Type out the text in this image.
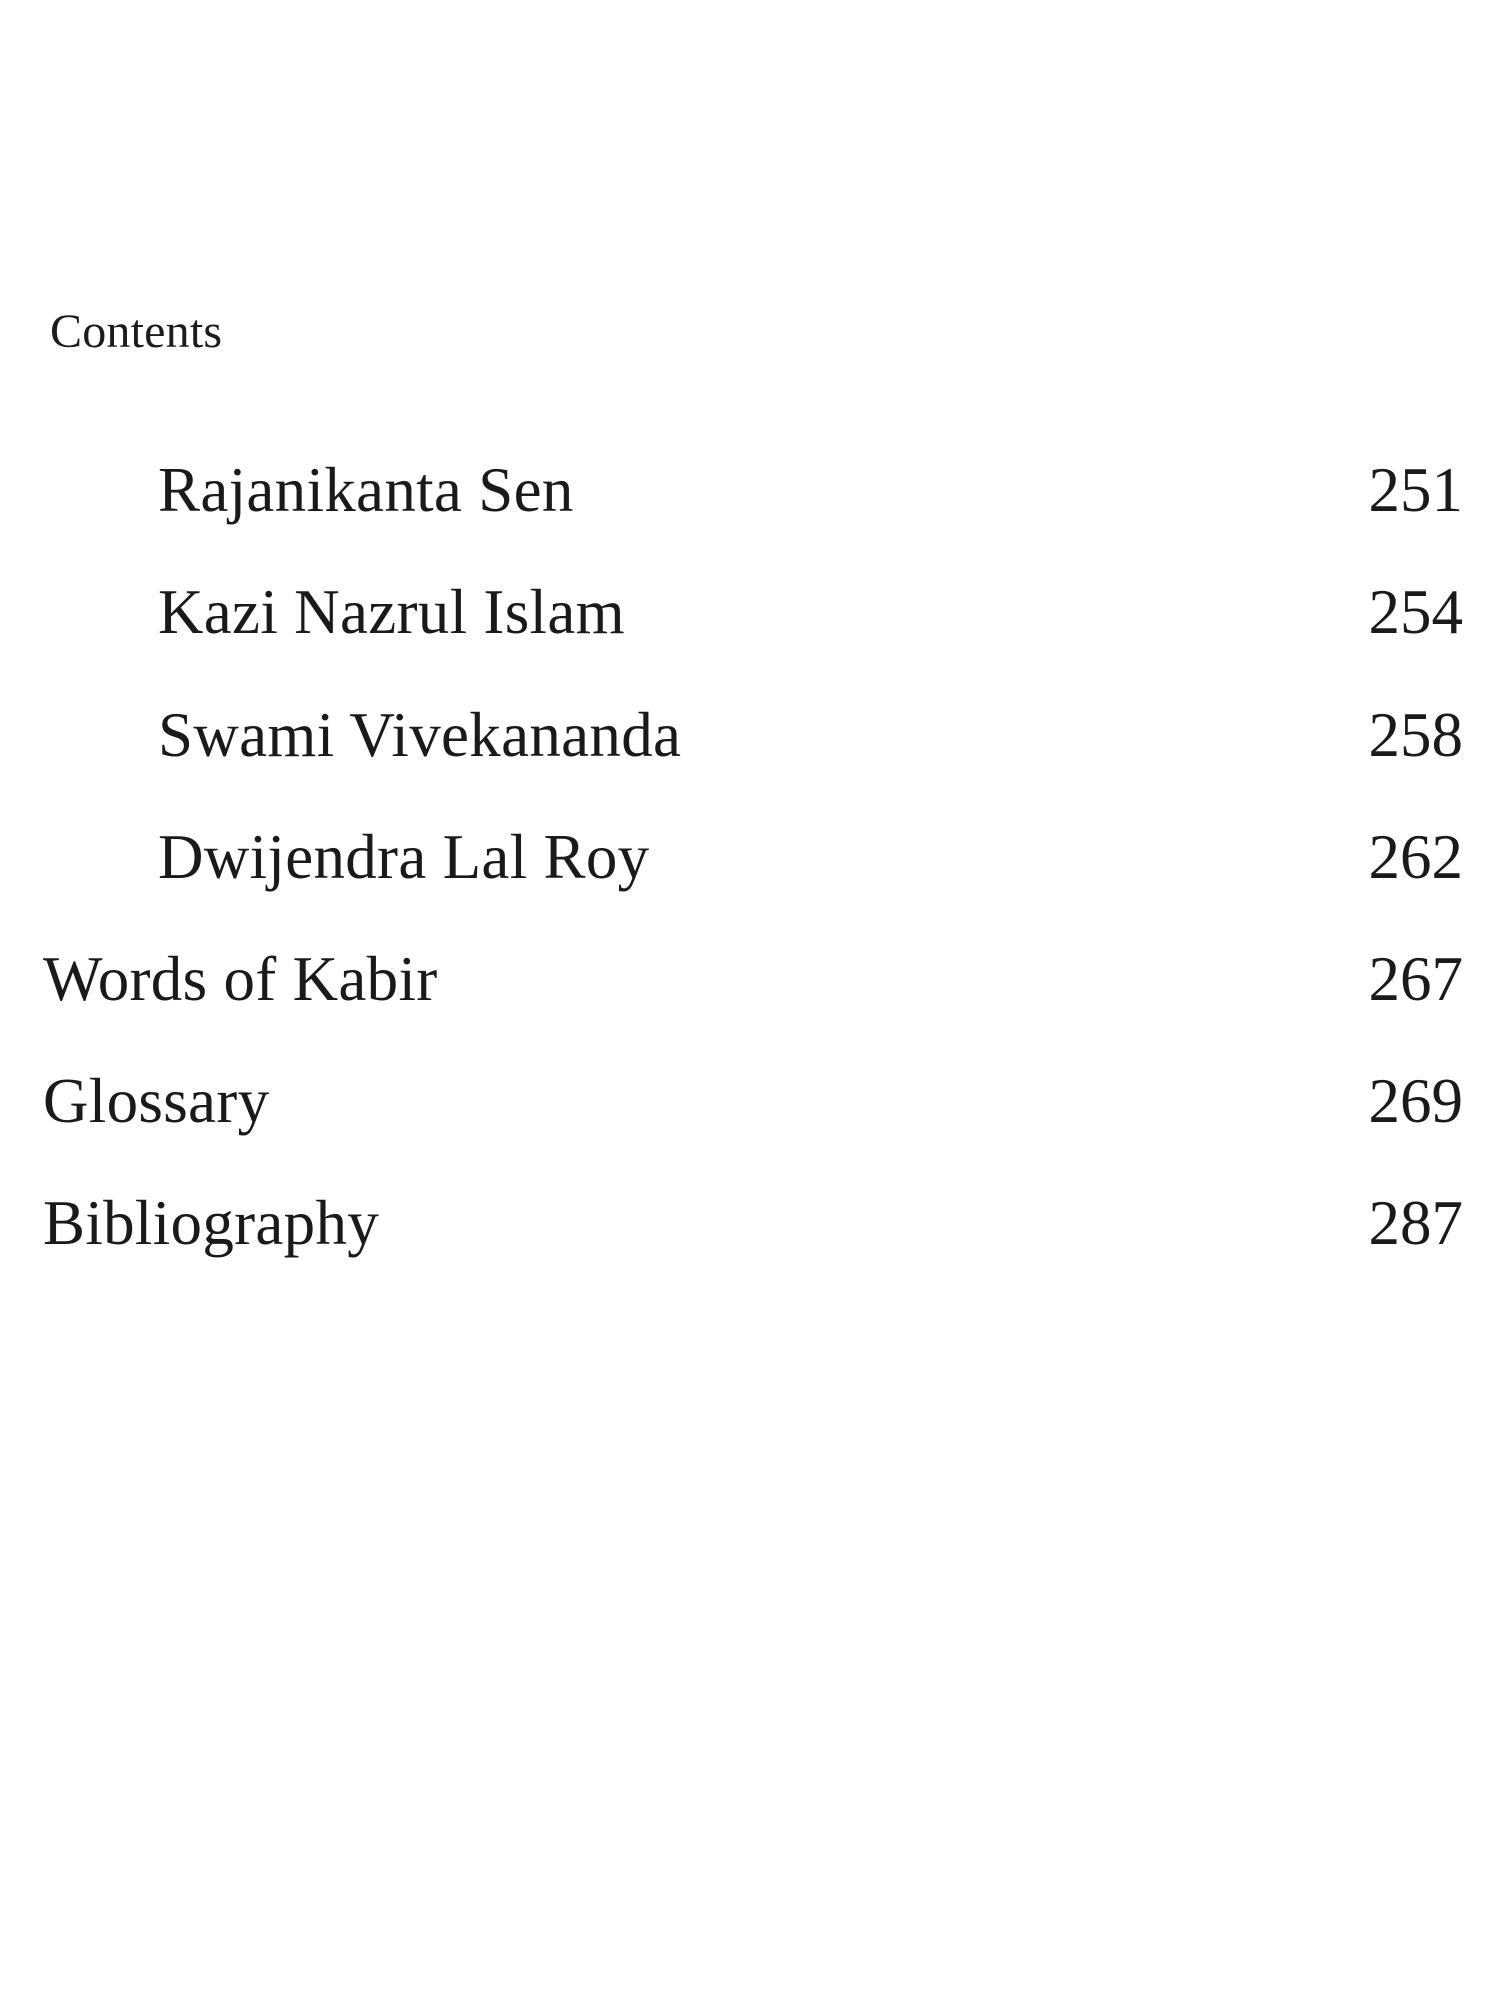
Contents
Rajanikanta Sen	251
Kazi Nazrul Islam	254
Swami Vivekananda	258
Dwijendra Lal Roy	262
Words of Kabir	267
Glossary	269
Bibliography	287
